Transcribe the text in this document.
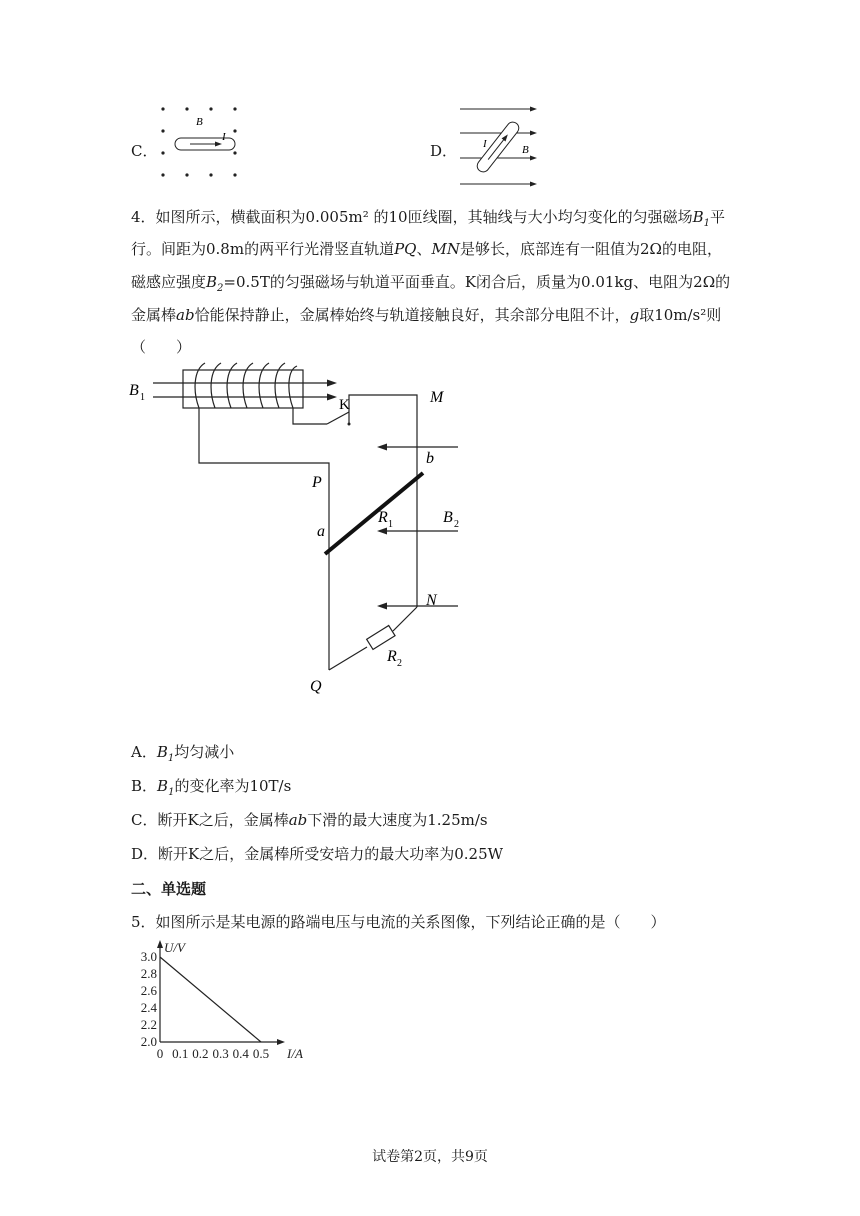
C．
B
I
D． I	B
4．如图所示，横截面积为0.005m² 的10匝线圈，其轴线与大小均匀变化的匀强磁场$B_1$平
行。间距为0.8m的两平行光滑竖直轨道PQ、MN是够长，底部连有一阻值为2Ω的电阻，
磁感应强度$B_2=0.5T$的匀强磁场与轨道平面垂直。K闭合后，质量为0.01kg、电阻为2Ω的
金属棒ab恰能保持静止，金属棒始终与轨道接触良好，其余部分电阻不计，g取10m/s²则
（　　）
B 1	K	M
b
P
a
R 1	B 2
N
Q
R 2
A．$B_1$均匀减小
B．$B_1$的变化率为10T/s
C．断开K之后，金属棒ab下滑的最大速度为1.25m/s
D．断开K之后，金属棒所受安培力的最大功率为0.25W
二、单选题
5．如图所示是某电源的路端电压与电流的关系图像，下列结论正确的是（　　）
2.0
2.2
2.4
2.6
2.8
3.0
0 0.1 0.2 0.3 0.4 0.5
U/V
I/A
试卷第2页，共9页
